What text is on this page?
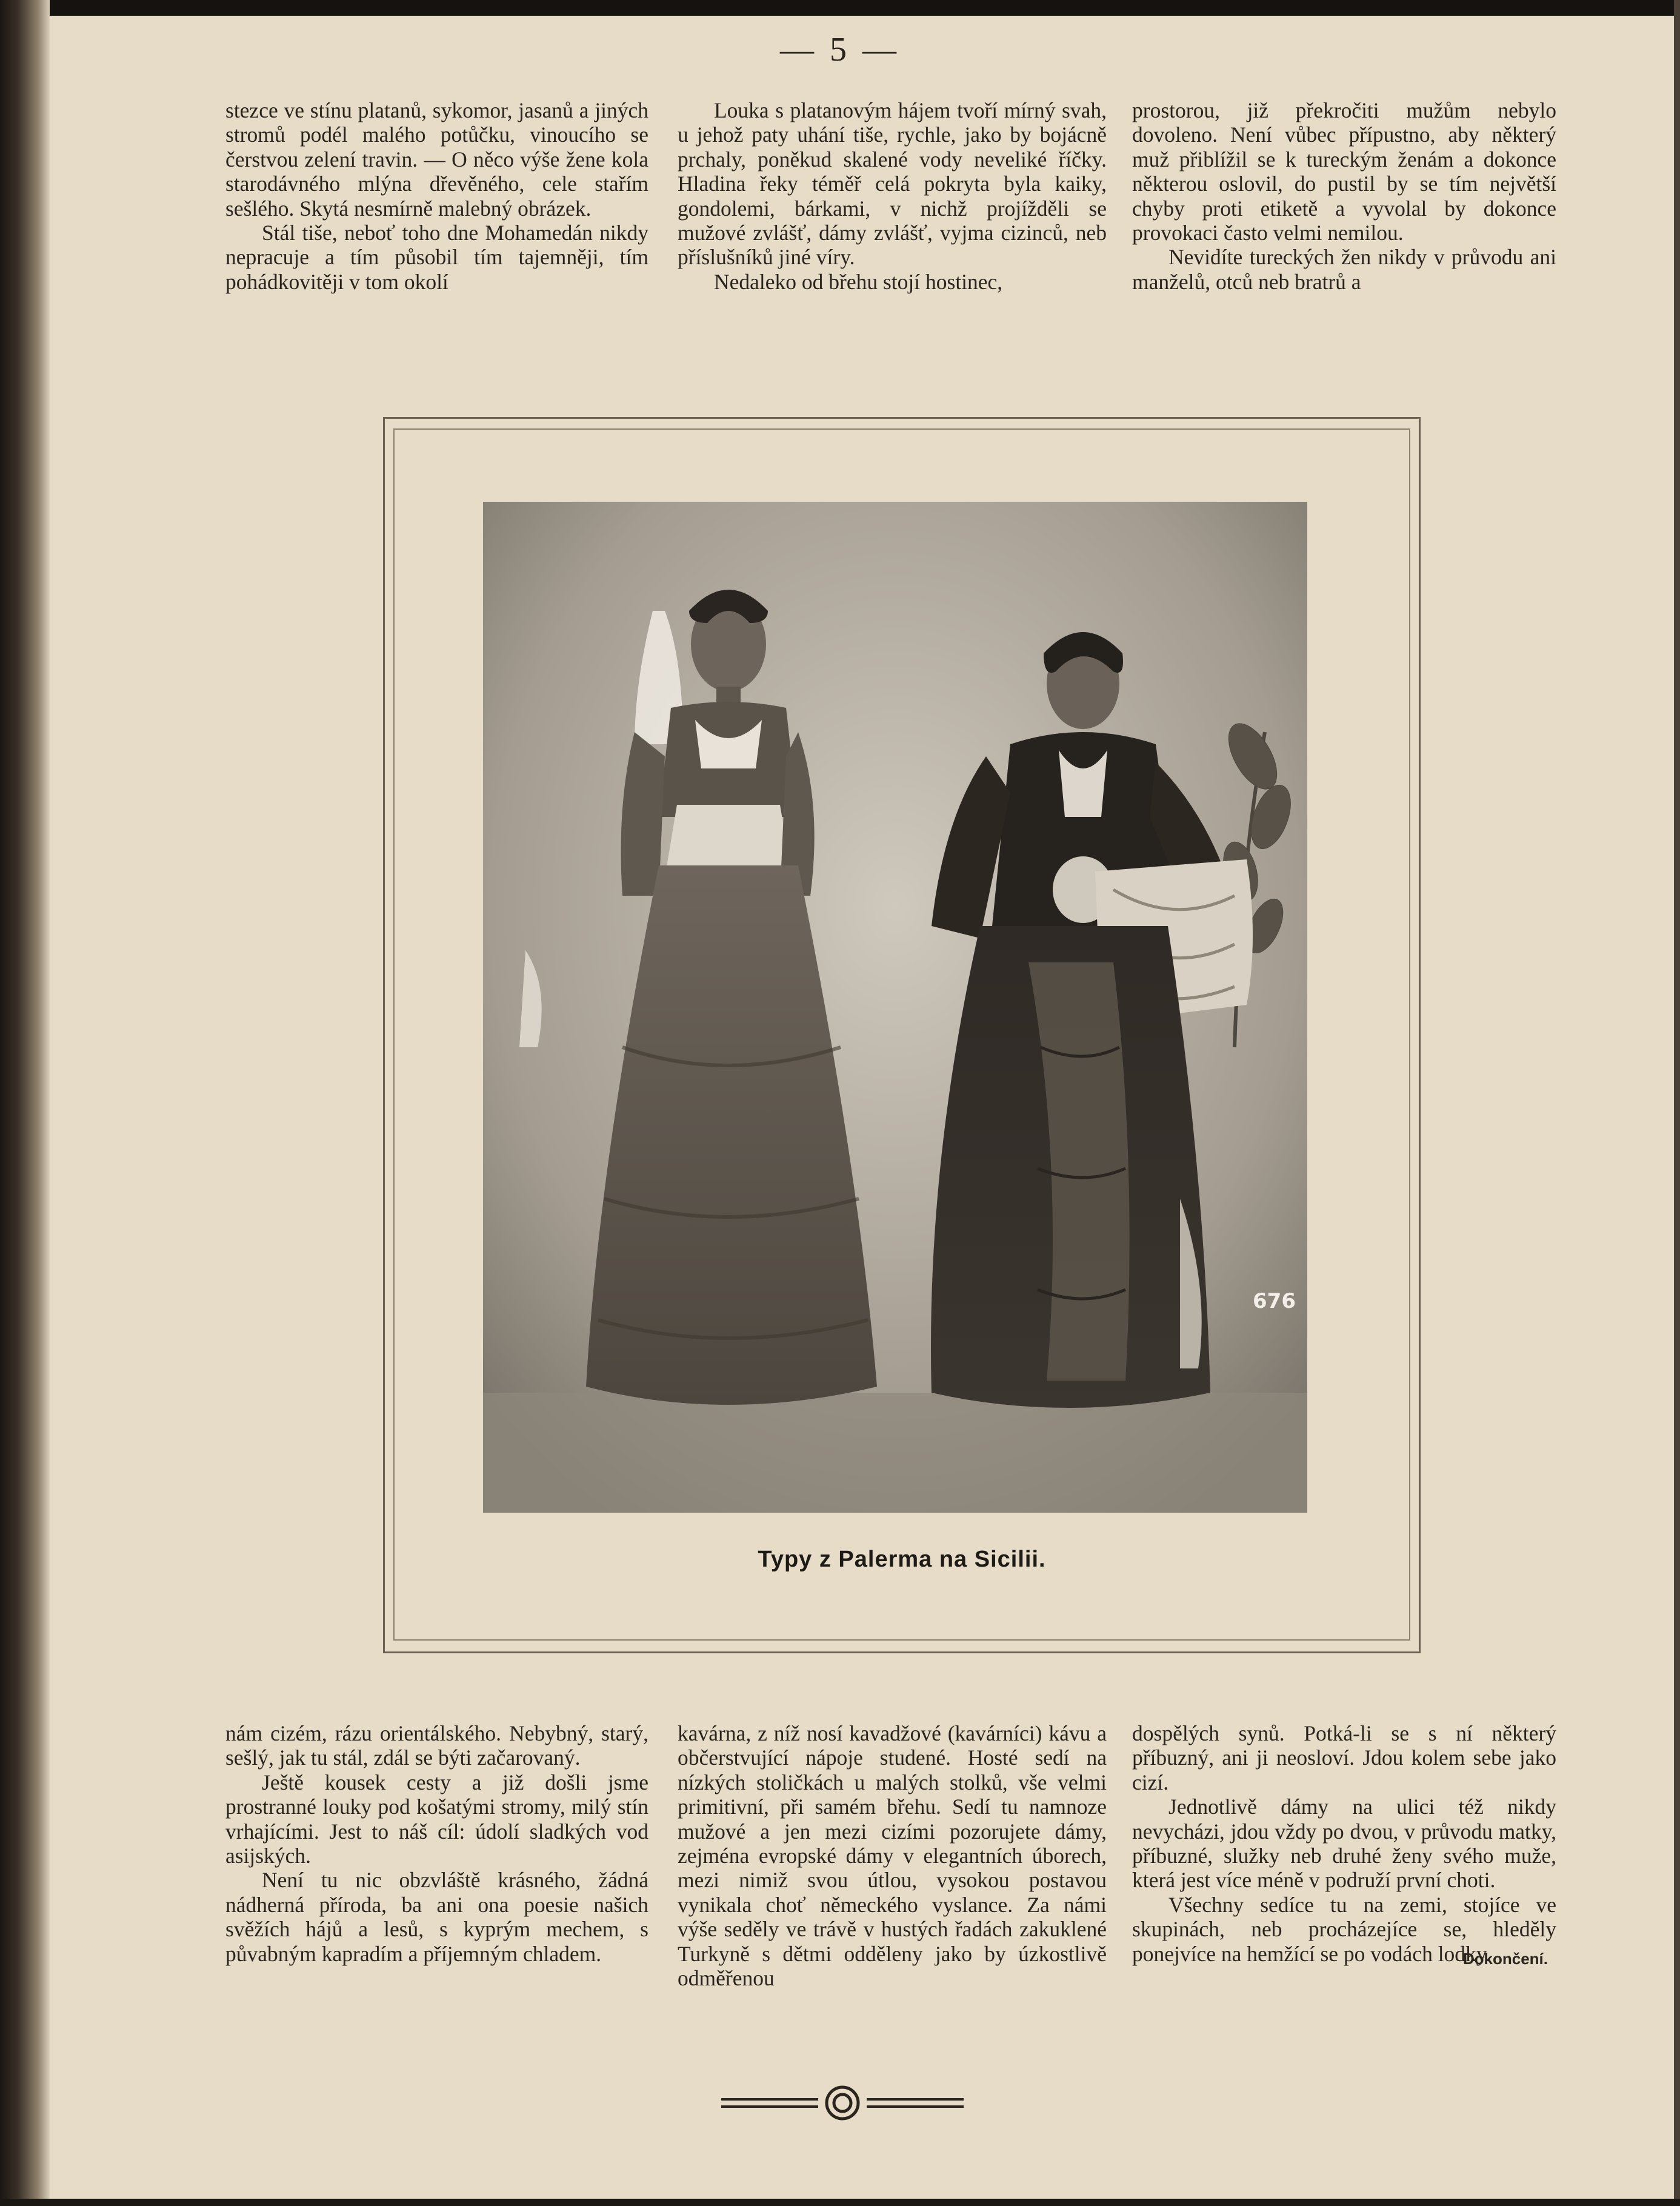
— 5 —

stezce ve stínu platanů, sykomor, jasanů a jiných stromů podél malého potůčku, vinoucího se čerstvou zelení travin. — O něco výše žene kola starodávného mlýna dřevěného, cele stařím sešlého. Skytá nesmírně malebný obrázek.

Stál tiše, neboť toho dne Mohamedán nikdy nepracuje a tím působil tím tajemněji, tím pohádkovitěji v tom okolí

Louka s platanovým hájem tvoří mírný svah, u jehož paty uhání tiše, rychle, jako by bojácně prchaly, poněkud skalené vody neveliké říčky. Hladina řeky téměř celá pokryta byla kaiky, gondolemi, bárkami, v nichž projížděli se mužové zvlášť, dámy zvlášť, vyjma cizinců, neb příslušníků jiné víry.

Nedaleko od břehu stojí hostinec,

prostorou, již překročiti mužům nebylo dovoleno. Není vůbec přípustno, aby některý muž přiblížil se k tureckým ženám a dokonce některou oslovil, do pustil by se tím největší chyby proti etiketě a vyvolal by dokonce provokaci často velmi nemilou.

Nevidíte tureckých žen nikdy v průvodu ani manželů, otců neb bratrů a

676
Typy z Palerma na Sicilii.

nám cizém, rázu orientálského. Nebybný, starý, sešlý, jak tu stál, zdál se býti začarovaný.

Ještě kousek cesty a již došli jsme prostranné louky pod košatými stromy, milý stín vrhajícími. Jest to náš cíl: údolí sladkých vod asijských.

Není tu nic obzvláště krásného, žádná nádherná příroda, ba ani ona poesie našich svěžích hájů a lesů, s kyprým mechem, s půvabným kapradím a příjemným chladem.

kavárna, z níž nosí kavadžové (kavárníci) kávu a občerstvující nápoje studené. Hosté sedí na nízkých stoličkách u malých stolků, vše velmi primitivní, při samém břehu. Sedí tu namnoze mužové a jen mezi cizími pozorujete dámy, zejména evropské dámy v elegantních úborech, mezi nimiž svou útlou, vysokou postavou vynikala choť německého vyslance. Za námi výše seděly ve trávě v hustých řadách zakuklené Turkyně s dětmi odděleny jako by úzkostlivě odměřenou

dospělých synů. Potká-li se s ní některý příbuzný, ani ji neosloví. Jdou kolem sebe jako cizí.

Jednotlivě dámy na ulici též nikdy nevycházi, jdou vždy po dvou, v průvodu matky, příbuzné, služky neb druhé ženy svého muže, která jest více méně v podruží první choti.

Všechny sedíce tu na zemi, stojíce ve skupinách, neb procházejíce se, hleděly ponejvíce na hemžící se po vodách lodky.

Dokončení.
